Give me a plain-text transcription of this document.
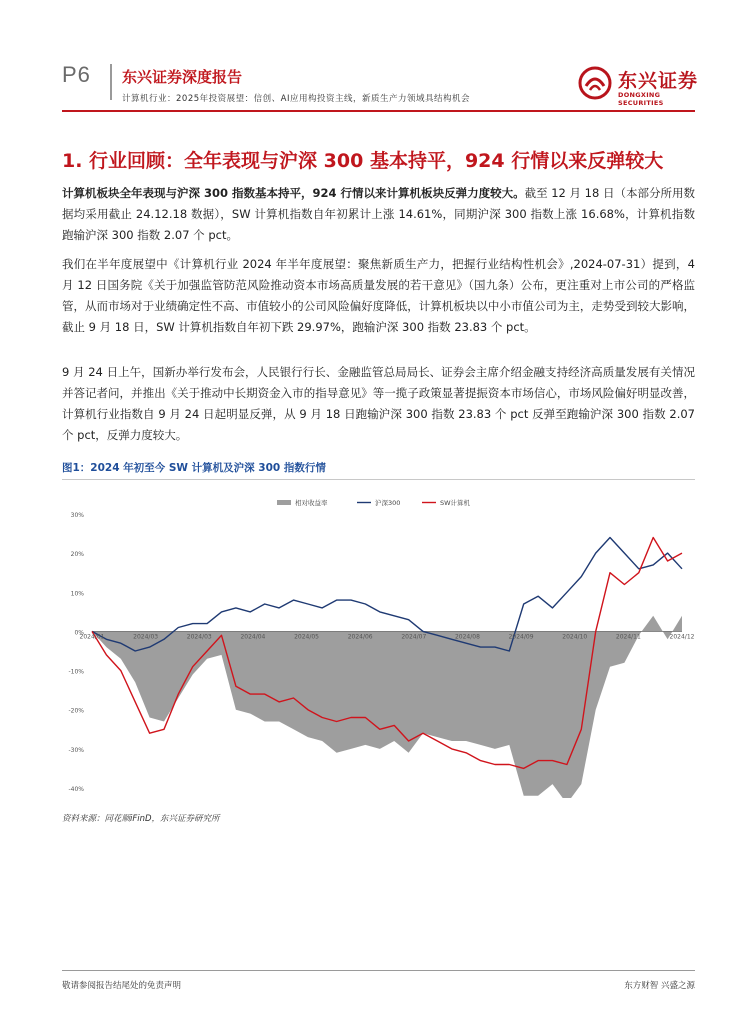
P6 东兴证券深度报告
计算机行业：2025年投资展望：信创、AI应用构投资主线，新质生产力领域具结构机会
东兴证券
DONGXING SECURITIES
1. 行业回顾：全年表现与沪深 300 基本持平，924 行情以来反弹较大
计算机板块全年表现与沪深 300 指数基本持平，924 行情以来计算机板块反弹力度较大。截至 12 月 18 日（本部分所用数据均采用截止 24.12.18 数据），SW 计算机指数自年初累计上涨 14.61%，同期沪深 300 指数上涨 16.68%，计算机指数跑输沪深 300 指数 2.07 个 pct。
我们在半年度展望中《计算机行业 2024 年半年度展望：聚焦新质生产力，把握行业结构性机会》,2024-07-31）提到，4 月 12 日国务院《关于加强监管防范风险推动资本市场高质量发展的若干意见》（国九条）公布，更注重对上市公司的严格监管，从而市场对于业绩确定性不高、市值较小的公司风险偏好度降低，计算机板块以中小市值公司为主，走势受到较大影响，截止 9 月 18 日，SW 计算机指数自年初下跌 29.97%，跑输沪深 300 指数 23.83 个 pct。
9 月 24 日上午，国新办举行发布会，人民银行行长、金融监管总局局长、证券会主席介绍金融支持经济高质量发展有关情况并答记者问，并推出《关于推动中长期资金入市的指导意见》等一揽子政策显著提振资本市场信心，市场风险偏好明显改善，计算机行业指数自 9 月 24 日起明显反弹，从 9 月 18 日跑输沪深 300 指数 23.83 个 pct 反弹至跑输沪深 300 指数 2.07 个 pct，反弹力度较大。
图1：2024 年初至今 SW 计算机及沪深 300 指数行情
相对收益率	沪深300	SW计算机
30%
20%
10%
0%
-10%
-20%
-30%
-40%
2024/01	2024/03	2024/03	2024/04	2024/05	2024/06	2024/07	2024/08	2024/09	2024/10	2024/11	2024/12
资料来源：同花顺iFinD，东兴证券研究所
敬请参阅报告结尾处的免责声明	东方财智 兴盛之源
